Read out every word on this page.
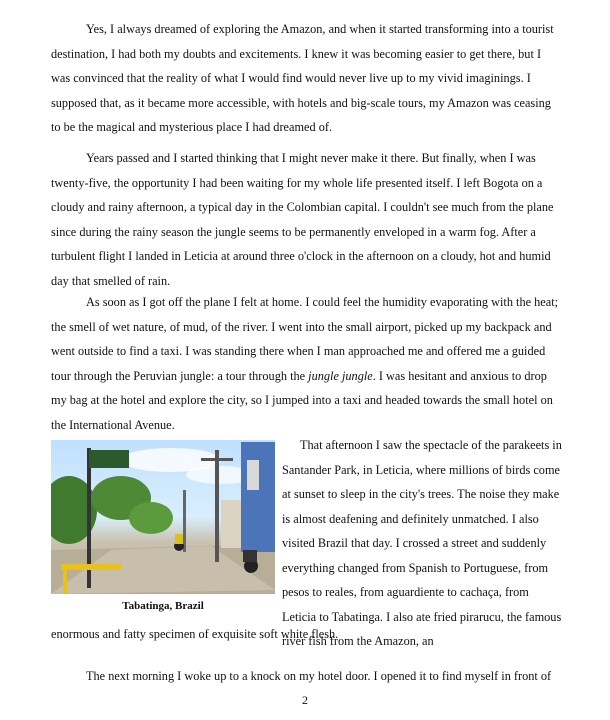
Yes, I always dreamed of exploring the Amazon, and when it started transforming into a tourist destination, I had both my doubts and excitements. I knew it was becoming easier to get there, but I was convinced that the reality of what I would find would never live up to my vivid imaginings. I supposed that, as it became more accessible, with hotels and big-scale tours, my Amazon was ceasing to be the magical and mysterious place I had dreamed of.

Years passed and I started thinking that I might never make it there. But finally, when I was twenty-five, the opportunity I had been waiting for my whole life presented itself. I left Bogota on a cloudy and rainy afternoon, a typical day in the Colombian capital. I couldn't see much from the plane since during the rainy season the jungle seems to be permanently enveloped in a warm fog. After a turbulent flight I landed in Leticia at around three o'clock in the afternoon on a cloudy, hot and humid day that smelled of rain.

As soon as I got off the plane I felt at home. I could feel the humidity evaporating with the heat; the smell of wet nature, of mud, of the river. I went into the small airport, picked up my backpack and went outside to find a taxi. I was standing there when I man approached me and offered me a guided tour through the Peruvian jungle: a tour through the jungle jungle. I was hesitant and anxious to drop my bag at the hotel and explore the city, so I jumped into a taxi and headed towards the small hotel on the International Avenue.

Tabatinga, Brazil
That afternoon I saw the spectacle of the parakeets in Santander Park, in Leticia, where millions of birds come at sunset to sleep in the city's trees. The noise they make is almost deafening and definitely unmatched. I also visited Brazil that day. I crossed a street and suddenly everything changed from Spanish to Portuguese, from pesos to reales, from aguardiente to cachaça, from Leticia to Tabatinga. I also ate fried pirarucu, the famous river fish from the Amazon, an
enormous and fatty specimen of exquisite soft white flesh.

The next morning I woke up to a knock on my hotel door. I opened it to find myself in front of

2
